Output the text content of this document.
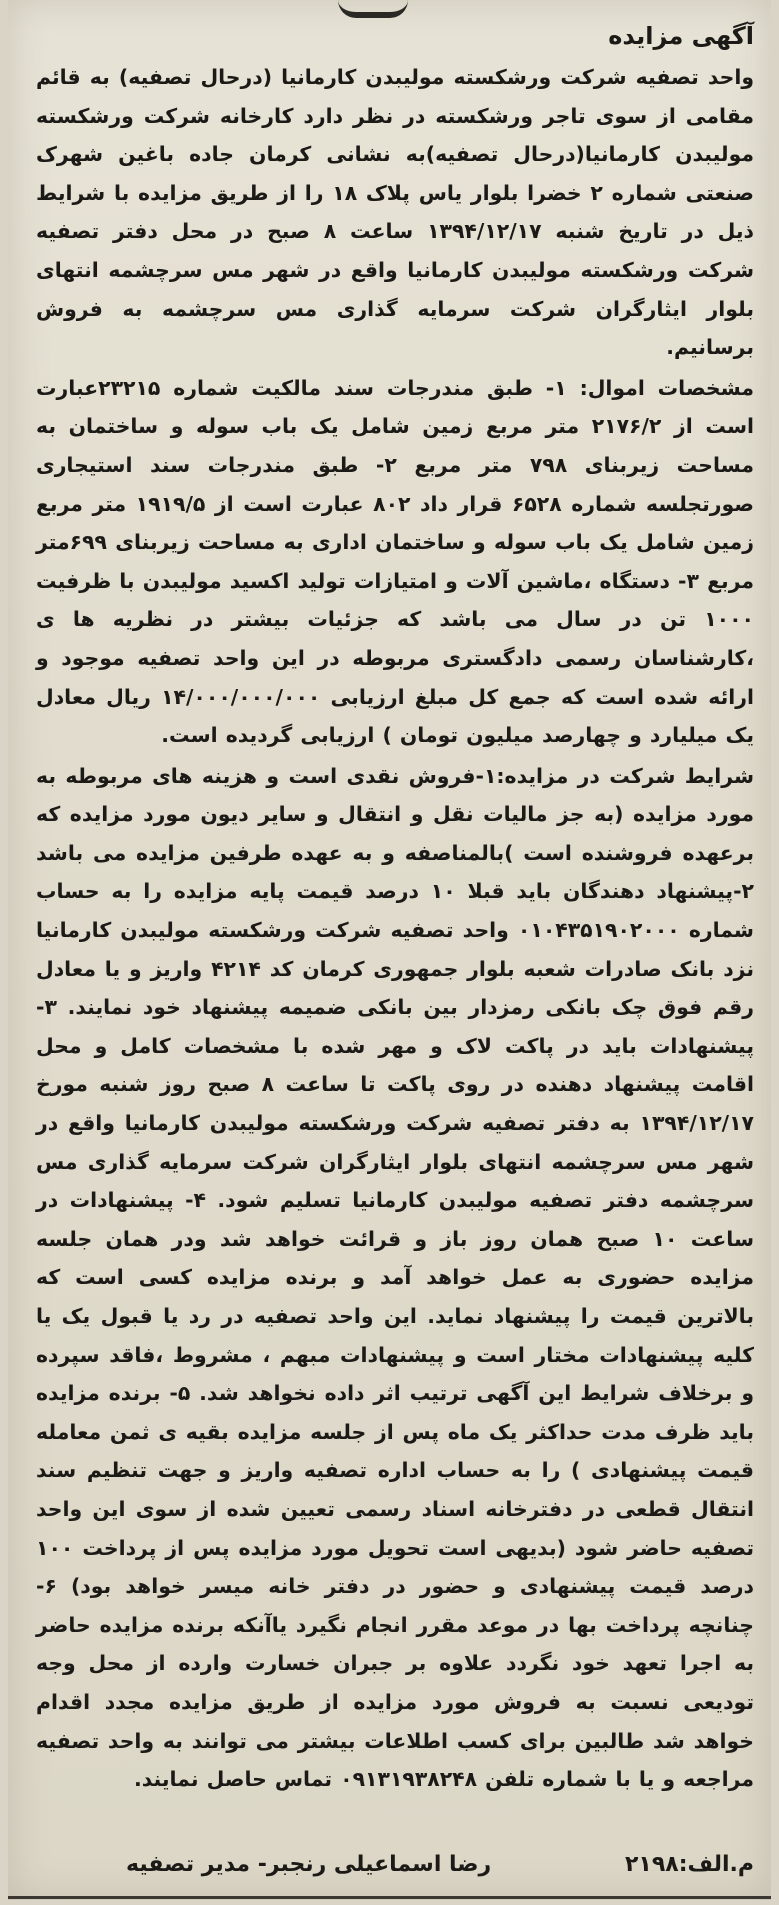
آگهی مزایده

واحد تصفیه شرکت ورشکسته مولیبدن کارمانیا (درحال تصفیه) به قائم مقامی از سوی تاجر ورشکسته در نظر دارد کارخانه شرکت ورشکسته مولیبدن کارمانیا(درحال تصفیه)به نشانی کرمان جاده باغین شهرک صنعتی شماره ۲ خضرا بلوار یاس پلاک ۱۸ را از طریق مزایده با شرایط ذیل در تاریخ شنبه ۱۳۹۴/۱۲/۱۷ ساعت ۸ صبح در محل دفتر تصفیه شرکت ورشکسته مولیبدن کارمانیا واقع در شهر مس سرچشمه انتهای بلوار ایثارگران شرکت سرمایه گذاری مس سرچشمه به فروش برسانیم.

مشخصات اموال: ۱- طبق مندرجات سند مالکیت شماره ۲۳۲۱۵عبارت است از ۲۱۷۶/۲ متر مربع زمین شامل یک باب سوله و ساختمان به مساحت زیربنای ۷۹۸ متر مربع ۲- طبق مندرجات سند استیجاری صورتجلسه شماره ۶۵۲۸ قرار داد ۸۰۲ عبارت است از ۱۹۱۹/۵ متر مربع زمین شامل یک باب سوله و ساختمان اداری به مساحت زیربنای ۶۹۹متر مربع ۳- دستگاه ،ماشین آلات و امتیازات تولید اکسید مولیبدن با ظرفیت ۱۰۰۰ تن در سال می باشد که جزئیات بیشتر در نظریه ها ی ،کارشناسان رسمی دادگستری مربوطه در این واحد تصفیه موجود و ارائه شده است که جمع کل مبلغ ارزیابی ۱۴/۰۰۰/۰۰۰/۰۰۰ ریال معادل یک میلیارد و چهارصد میلیون تومان ) ارزیابی گردیده است.

شرایط شرکت در مزایده:۱-فروش نقدی است و هزینه های مربوطه به مورد مزایده (به جز مالیات نقل و انتقال و سایر دیون مورد مزایده که برعهده فروشنده است )بالمناصفه و به عهده طرفین مزایده می باشد ۲-پیشنهاد دهندگان باید قبلا ۱۰ درصد قیمت پایه مزایده را به حساب شماره ۰۱۰۴۳۵۱۹۰۲۰۰۰ واحد تصفیه شرکت ورشکسته مولیبدن کارمانیا نزد بانک صادرات شعبه بلوار جمهوری کرمان کد ۴۲۱۴ واریز و یا معادل رقم فوق چک بانکی رمزدار بین بانکی ضمیمه پیشنهاد خود نمایند. ۳- پیشنهادات باید در پاکت لاک و مهر شده با مشخصات کامل و محل اقامت پیشنهاد دهنده در روی پاکت تا ساعت ۸ صبح روز شنبه مورخ ۱۳۹۴/۱۲/۱۷ به دفتر تصفیه شرکت ورشکسته مولیبدن کارمانیا واقع در شهر مس سرچشمه انتهای بلوار ایثارگران شرکت سرمایه گذاری مس سرچشمه دفتر تصفیه مولیبدن کارمانیا تسلیم شود. ۴- پیشنهادات در ساعت ۱۰ صبح همان روز باز و قرائت خواهد شد ودر همان جلسه مزایده حضوری به عمل خواهد آمد و برنده مزایده کسی است که بالاترین قیمت را پیشنهاد نماید. این واحد تصفیه در رد یا قبول یک یا کلیه پیشنهادات مختار است و پیشنهادات مبهم ، مشروط ،فاقد سپرده و برخلاف شرایط این آگهی ترتیب اثر داده نخواهد شد. ۵- برنده مزایده باید ظرف مدت حداکثر یک ماه پس از جلسه مزایده بقیه ی ثمن معامله قیمت پیشنهادی ) را به حساب اداره تصفیه واریز و جهت تنظیم سند انتقال قطعی در دفترخانه اسناد رسمی تعیین شده از سوی این واحد تصفیه حاضر شود (بدیهی است تحویل مورد مزایده پس از پرداخت ۱۰۰ درصد قیمت پیشنهادی و حضور در دفتر خانه میسر خواهد بود) ۶- چنانچه پرداخت بها در موعد مقرر انجام نگیرد یاآنکه برنده مزایده حاضر به اجرا تعهد خود نگردد علاوه بر جبران خسارت وارده از محل وجه تودیعی نسبت به فروش مورد مزایده از طریق مزایده مجدد اقدام خواهد شد طالبین برای کسب اطلاعات بیشتر می توانند به واحد تصفیه مراجعه و یا با شماره تلفن ۰۹۱۳۱۹۳۸۲۴۸ تماس حاصل نمایند.

م.الف:۲۱۹۸
رضا اسماعیلی رنجبر- مدیر تصفیه
